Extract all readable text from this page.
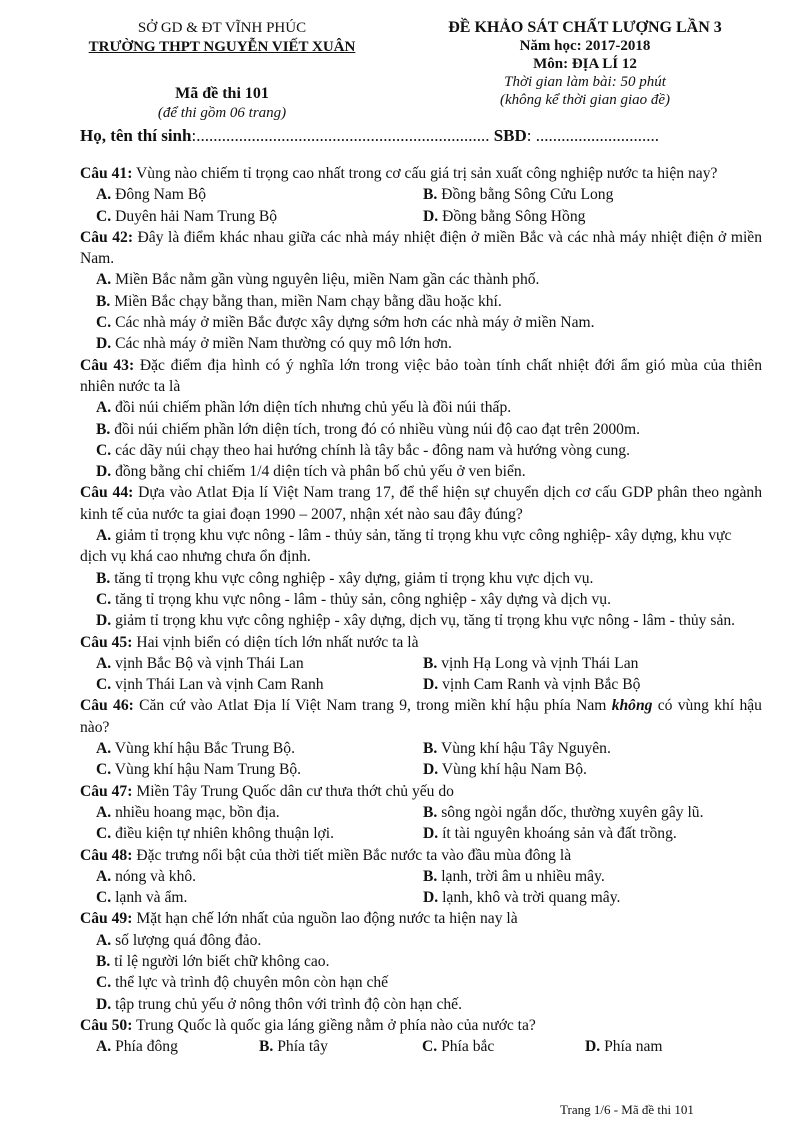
SỞ GD & ĐT VĨNH PHÚC
TRƯỜNG THPT NGUYỄN VIẾT XUÂN
Mã đề thi 101
(để thi gồm 06 trang)
ĐỀ KHẢO SÁT CHẤT LƯỢNG LẦN 3
Năm học: 2017-2018
Môn: ĐỊA LÍ 12
Thời gian làm bài: 50 phút
(không kể thời gian giao đề)
Họ, tên thí sinh:..................................................................... SBD: .............................
Câu 41: Vùng nào chiếm tỉ trọng cao nhất trong cơ cấu giá trị sản xuất công nghiệp nước ta hiện nay?
A. Đông Nam Bộ	B. Đồng bằng Sông Cửu Long
C. Duyên hải Nam Trung Bộ	D. Đồng bằng Sông Hồng
Câu 42: Đây là điểm khác nhau giữa các nhà máy nhiệt điện ở miền Bắc và các nhà máy nhiệt điện ở miền Nam.
A. Miền Bắc nằm gần vùng nguyên liệu, miền Nam gần các thành phố.
B. Miền Bắc chạy bằng than, miền Nam chạy bằng dầu hoặc khí.
C. Các nhà máy ở miền Bắc được xây dựng sớm hơn các nhà máy ở miền Nam.
D. Các nhà máy ở miền Nam thường có quy mô lớn hơn.
Câu 43: Đặc điểm địa hình có ý nghĩa lớn trong việc bảo toàn tính chất nhiệt đới ẩm gió mùa của thiên nhiên nước ta là
A. đồi núi chiếm phần lớn diện tích nhưng chủ yếu là đồi núi thấp.
B. đồi núi chiếm phần lớn diện tích, trong đó có nhiều vùng núi độ cao đạt trên 2000m.
C. các dãy núi chạy theo hai hướng chính là tây bắc - đông nam và hướng vòng cung.
D. đồng bằng chỉ chiếm 1/4 diện tích và phân bố chủ yếu ở ven biển.
Câu 44: Dựa vào Atlat Địa lí Việt Nam trang 17, để thể hiện sự chuyển dịch cơ cấu GDP phân theo ngành kinh tế của nước ta giai đoạn 1990 – 2007, nhận xét nào sau đây đúng?
A. giảm tỉ trọng khu vực nông - lâm - thủy sản, tăng tỉ trọng khu vực công nghiệp- xây dựng, khu vực dịch vụ khá cao nhưng chưa ổn định.
B. tăng tỉ trọng khu vực công nghiệp - xây dựng, giảm tỉ trọng khu vực dịch vụ.
C. tăng tỉ trọng khu vực nông - lâm - thủy sản, công nghiệp - xây dựng và dịch vụ.
D. giảm tỉ trọng khu vực công nghiệp - xây dựng, dịch vụ, tăng tỉ trọng khu vực nông - lâm - thủy sản.
Câu 45: Hai vịnh biển có diện tích lớn nhất nước ta là
A. vịnh Bắc Bộ và vịnh Thái Lan	B. vịnh Hạ Long và vịnh Thái Lan
C. vịnh Thái Lan và vịnh Cam Ranh	D. vịnh Cam Ranh và vịnh Bắc Bộ
Câu 46: Căn cứ vào Atlat Địa lí Việt Nam trang 9, trong miền khí hậu phía Nam không có vùng khí hậu nào?
A. Vùng khí hậu Bắc Trung Bộ.	B. Vùng khí hậu Tây Nguyên.
C. Vùng khí hậu Nam Trung Bộ.	D. Vùng khí hậu Nam Bộ.
Câu 47: Miền Tây Trung Quốc dân cư thưa thớt chủ yếu do
A. nhiều hoang mạc, bồn địa.	B. sông ngòi ngắn dốc, thường xuyên gây lũ.
C. điều kiện tự nhiên không thuận lợi.	D. ít tài nguyên khoáng sản và đất trồng.
Câu 48: Đặc trưng nổi bật của thời tiết miền Bắc nước ta vào đầu mùa đông là
A. nóng và khô.	B. lạnh, trời âm u nhiều mây.
C. lạnh và ẩm.	D. lạnh, khô và trời quang mây.
Câu 49: Mặt hạn chế lớn nhất của nguồn lao động nước ta hiện nay là
A. số lượng quá đông đảo.
B. tỉ lệ người lớn biết chữ không cao.
C. thể lực và trình độ chuyên môn còn hạn chế
D. tập trung chủ yếu ở nông thôn với trình độ còn hạn chế.
Câu 50: Trung Quốc là quốc gia láng giềng nằm ở phía nào của nước ta?
A. Phía đông	B. Phía tây	C. Phía bắc	D. Phía nam
Trang 1/6 - Mã đề thi 101
